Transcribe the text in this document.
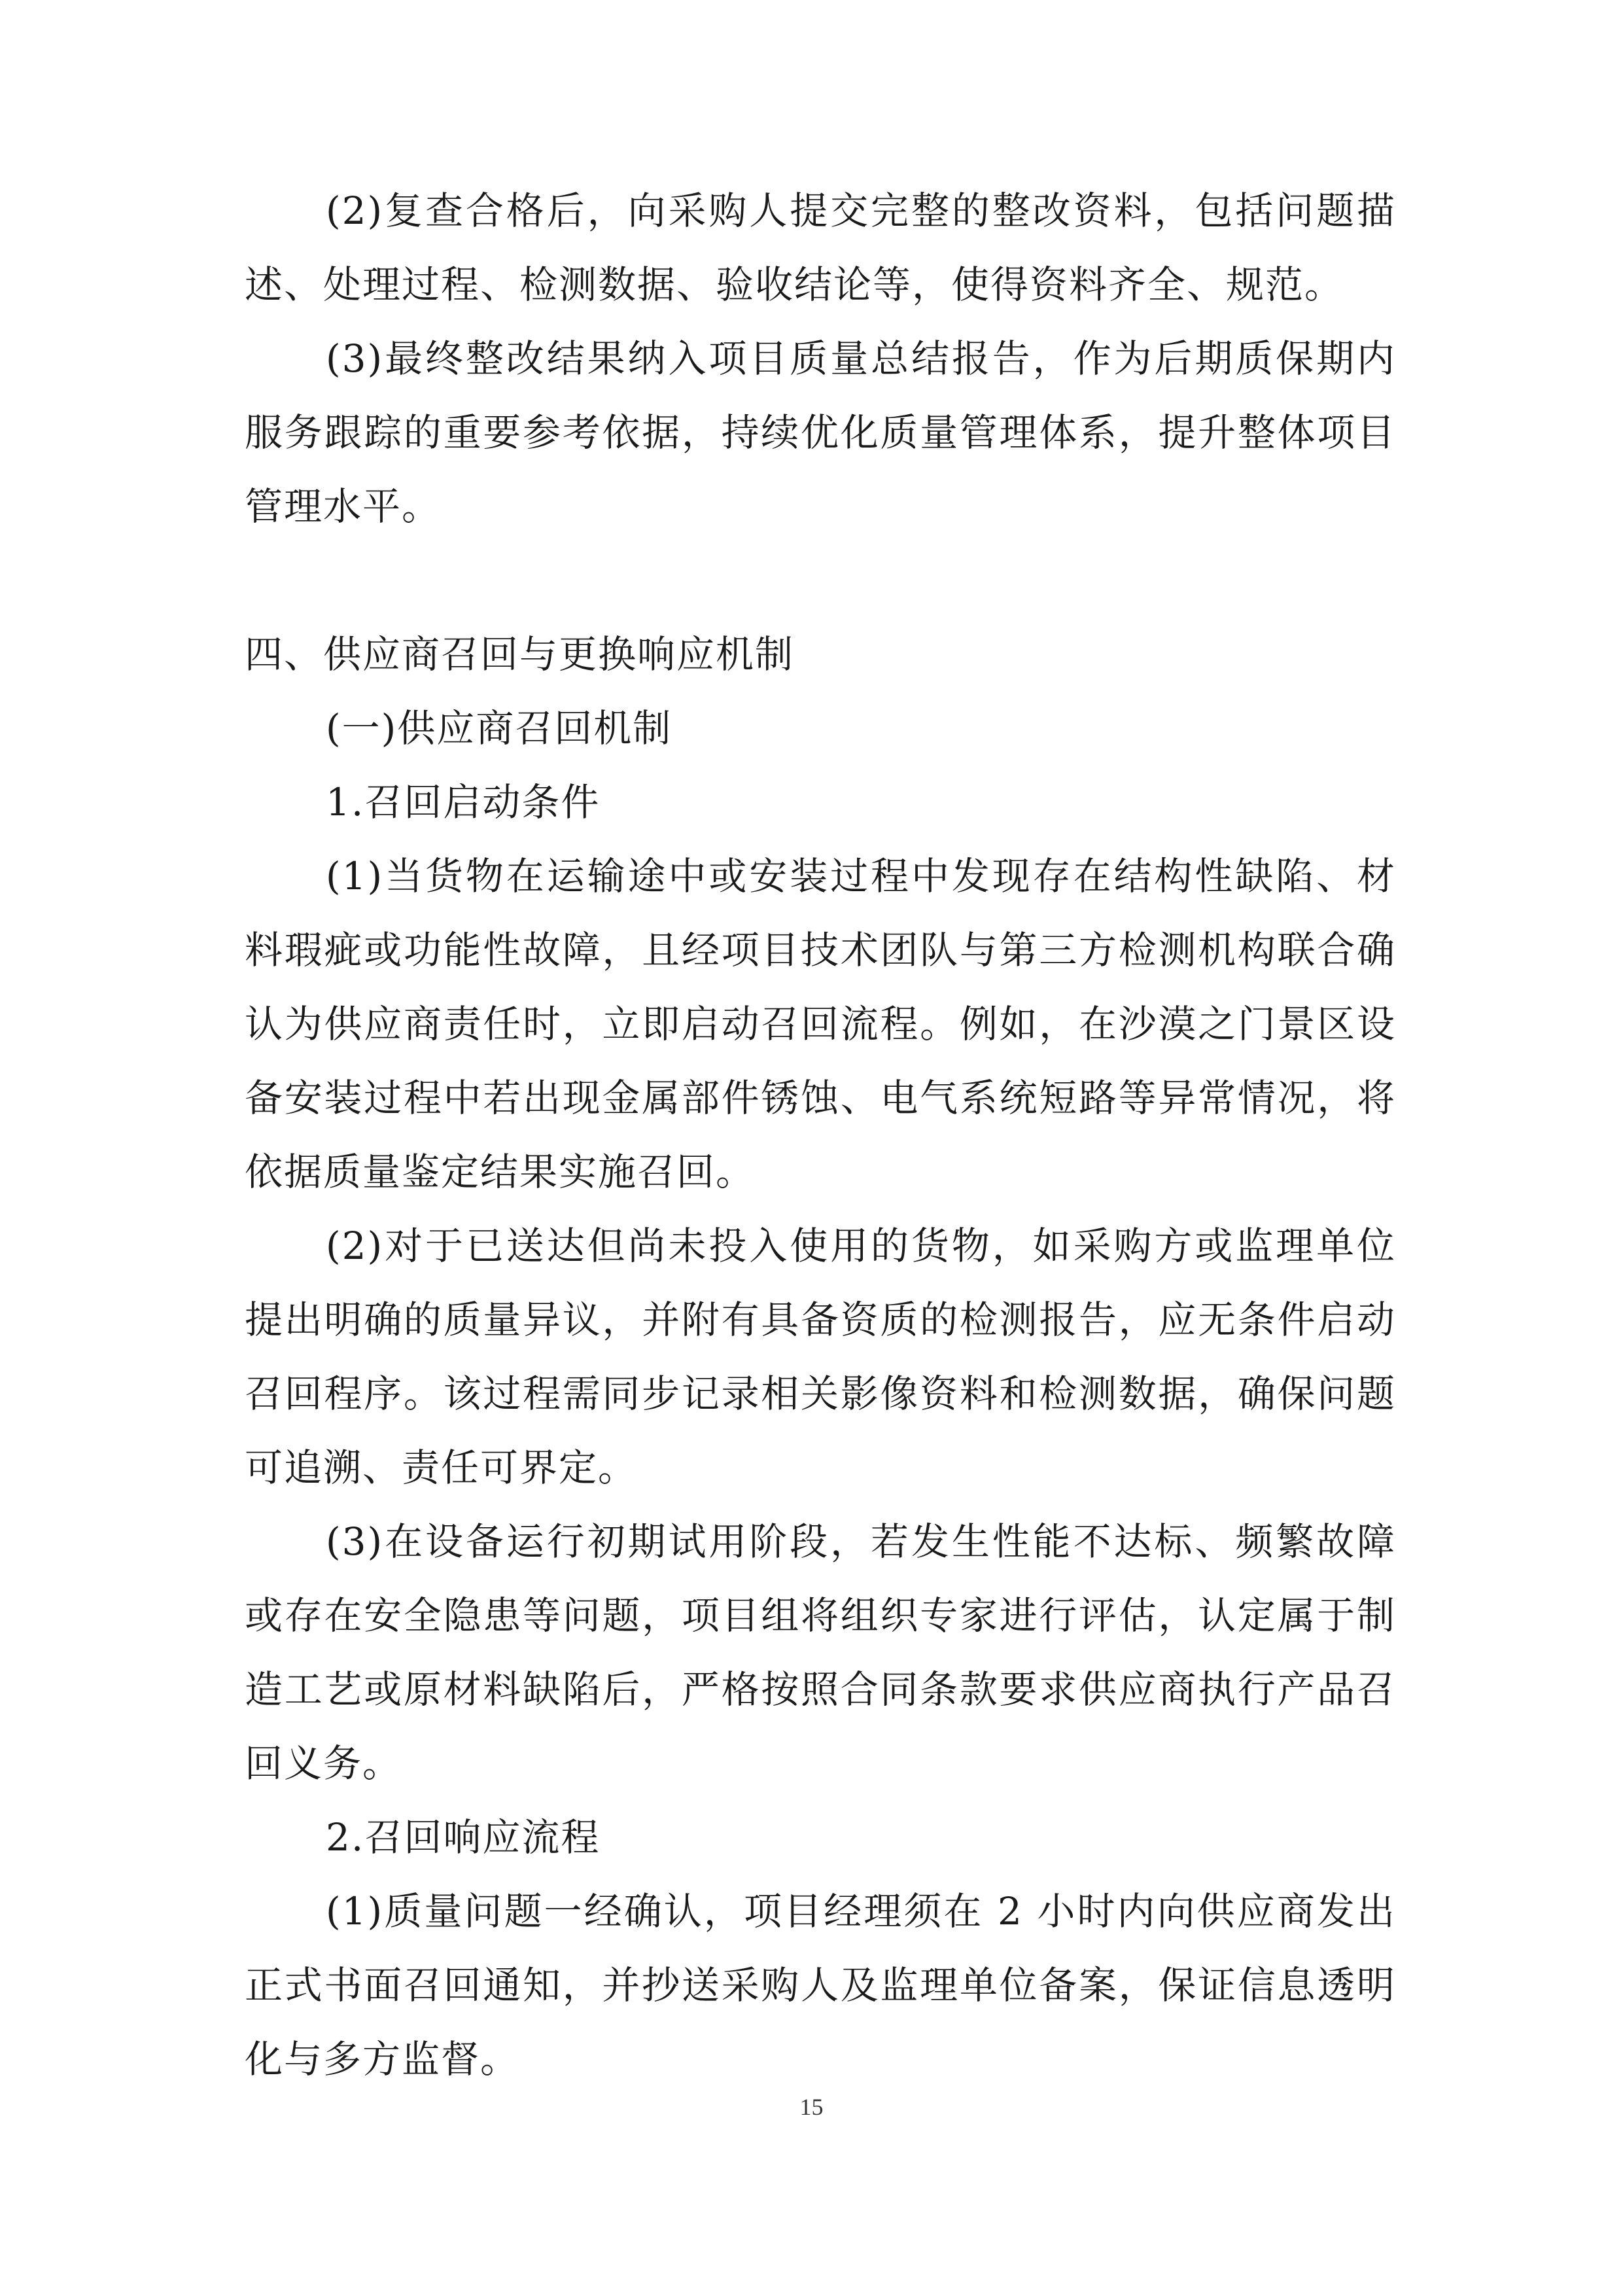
(2)复查合格后，向采购人提交完整的整改资料，包括问题描述、处理过程、检测数据、验收结论等，使得资料齐全、规范。

(3)最终整改结果纳入项目质量总结报告，作为后期质保期内服务跟踪的重要参考依据，持续优化质量管理体系，提升整体项目管理水平。

四、供应商召回与更换响应机制

(一)供应商召回机制

1.召回启动条件

(1)当货物在运输途中或安装过程中发现存在结构性缺陷、材料瑕疵或功能性故障，且经项目技术团队与第三方检测机构联合确认为供应商责任时，立即启动召回流程。例如，在沙漠之门景区设备安装过程中若出现金属部件锈蚀、电气系统短路等异常情况，将依据质量鉴定结果实施召回。

(2)对于已送达但尚未投入使用的货物，如采购方或监理单位提出明确的质量异议，并附有具备资质的检测报告，应无条件启动召回程序。该过程需同步记录相关影像资料和检测数据，确保问题可追溯、责任可界定。

(3)在设备运行初期试用阶段，若发生性能不达标、频繁故障或存在安全隐患等问题，项目组将组织专家进行评估，认定属于制造工艺或原材料缺陷后，严格按照合同条款要求供应商执行产品召回义务。

2.召回响应流程

(1)质量问题一经确认，项目经理须在 2 小时内向供应商发出正式书面召回通知，并抄送采购人及监理单位备案，保证信息透明化与多方监督。

15
